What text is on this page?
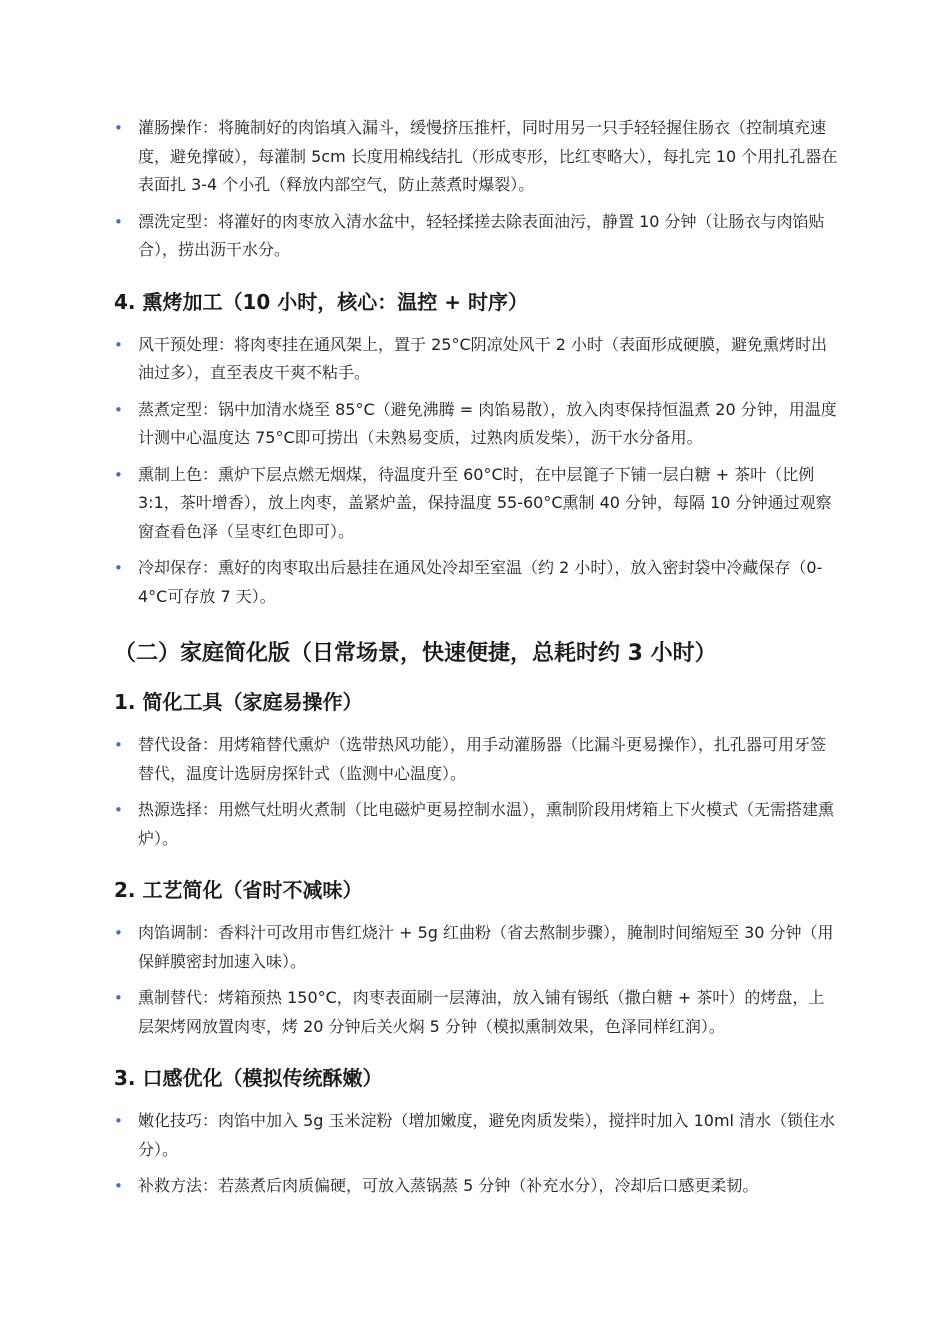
• 灌肠操作：将腌制好的肉馅填入漏斗，缓慢挤压推杆，同时用另一只手轻轻握住肠衣（控制填充速度，避免撑破），每灌制 5cm 长度用棉线结扎（形成枣形，比红枣略大），每扎完 10 个用扎孔器在表面扎 3-4 个小孔（释放内部空气，防止蒸煮时爆裂）。
• 漂洗定型：将灌好的肉枣放入清水盆中，轻轻揉搓去除表面油污，静置 10 分钟（让肠衣与肉馅贴合），捞出沥干水分。
4. 熏烤加工（10 小时，核心：温控 + 时序）
• 风干预处理：将肉枣挂在通风架上，置于 25°C阴凉处风干 2 小时（表面形成硬膜，避免熏烤时出油过多），直至表皮干爽不粘手。
• 蒸煮定型：锅中加清水烧至 85°C（避免沸腾 = 肉馅易散），放入肉枣保持恒温煮 20 分钟，用温度计测中心温度达 75°C即可捞出（未熟易变质，过熟肉质发柴），沥干水分备用。
• 熏制上色：熏炉下层点燃无烟煤，待温度升至 60°C时，在中层篦子下铺一层白糖 + 茶叶（比例 3:1，茶叶增香），放上肉枣，盖紧炉盖，保持温度 55-60°C熏制 40 分钟，每隔 10 分钟通过观察窗查看色泽（呈枣红色即可）。
• 冷却保存：熏好的肉枣取出后悬挂在通风处冷却至室温（约 2 小时），放入密封袋中冷藏保存（0-4°C可存放 7 天）。
（二）家庭简化版（日常场景，快速便捷，总耗时约 3 小时）
1. 简化工具（家庭易操作）
• 替代设备：用烤箱替代熏炉（选带热风功能），用手动灌肠器（比漏斗更易操作），扎孔器可用牙签替代，温度计选厨房探针式（监测中心温度）。
• 热源选择：用燃气灶明火煮制（比电磁炉更易控制水温），熏制阶段用烤箱上下火模式（无需搭建熏炉）。
2. 工艺简化（省时不减味）
• 肉馅调制：香料汁可改用市售红烧汁 + 5g 红曲粉（省去熬制步骤），腌制时间缩短至 30 分钟（用保鲜膜密封加速入味）。
• 熏制替代：烤箱预热 150°C，肉枣表面刷一层薄油，放入铺有锡纸（撒白糖 + 茶叶）的烤盘，上层架烤网放置肉枣，烤 20 分钟后关火焖 5 分钟（模拟熏制效果，色泽同样红润）。
3. 口感优化（模拟传统酥嫩）
• 嫩化技巧：肉馅中加入 5g 玉米淀粉（增加嫩度，避免肉质发柴），搅拌时加入 10ml 清水（锁住水分）。
• 补救方法：若蒸煮后肉质偏硬，可放入蒸锅蒸 5 分钟（补充水分），冷却后口感更柔韧。
